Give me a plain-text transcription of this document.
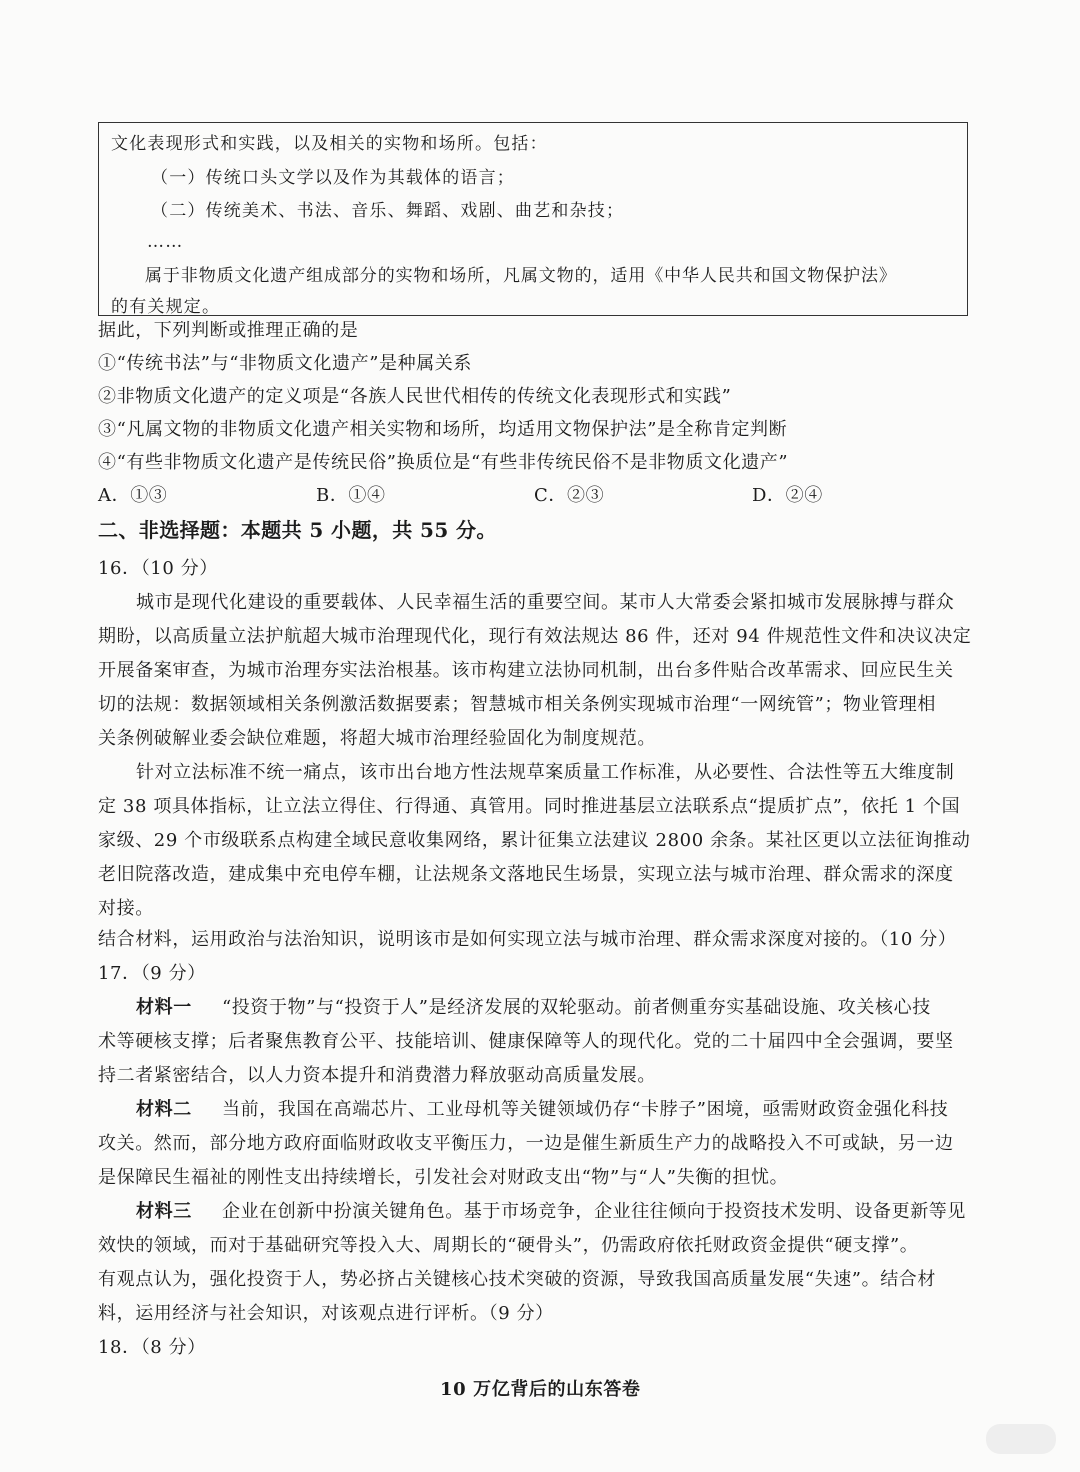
文化表现形式和实践，以及相关的实物和场所。包括：
（一）传统口头文学以及作为其载体的语言；
（二）传统美术、书法、音乐、舞蹈、戏剧、曲艺和杂技；
……
属于非物质文化遗产组成部分的实物和场所，凡属文物的，适用《中华人民共和国文物保护法》
的有关规定。
据此，下列判断或推理正确的是
①“传统书法”与“非物质文化遗产”是种属关系
②非物质文化遗产的定义项是“各族人民世代相传的传统文化表现形式和实践”
③“凡属文物的非物质文化遗产相关实物和场所，均适用文物保护法”是全称肯定判断
④“有些非物质文化遗产是传统民俗”换质位是“有些非传统民俗不是非物质文化遗产”
A．①③	B．①④	C．②③	D．②④
二、非选择题：本题共 5 小题，共 55 分。
16．（10 分）
城市是现代化建设的重要载体、人民幸福生活的重要空间。某市人大常委会紧扣城市发展脉搏与群众
期盼，以高质量立法护航超大城市治理现代化，现行有效法规达 86 件，还对 94 件规范性文件和决议决定
开展备案审查，为城市治理夯实法治根基。该市构建立法协同机制，出台多件贴合改革需求、回应民生关
切的法规：数据领域相关条例激活数据要素；智慧城市相关条例实现城市治理“一网统管”；物业管理相
关条例破解业委会缺位难题，将超大城市治理经验固化为制度规范。
针对立法标准不统一痛点，该市出台地方性法规草案质量工作标准，从必要性、合法性等五大维度制
定 38 项具体指标，让立法立得住、行得通、真管用。同时推进基层立法联系点“提质扩点”，依托 1 个国
家级、29 个市级联系点构建全域民意收集网络，累计征集立法建议 2800 余条。某社区更以立法征询推动
老旧院落改造，建成集中充电停车棚，让法规条文落地民生场景，实现立法与城市治理、群众需求的深度
对接。
结合材料，运用政治与法治知识，说明该市是如何实现立法与城市治理、群众需求深度对接的。（10 分）
17．（9 分）
材料一 “投资于物”与“投资于人”是经济发展的双轮驱动。前者侧重夯实基础设施、攻关核心技
术等硬核支撑；后者聚焦教育公平、技能培训、健康保障等人的现代化。党的二十届四中全会强调，要坚
持二者紧密结合，以人力资本提升和消费潜力释放驱动高质量发展。
材料二 当前，我国在高端芯片、工业母机等关键领域仍存“卡脖子”困境，亟需财政资金强化科技
攻关。然而，部分地方政府面临财政收支平衡压力，一边是催生新质生产力的战略投入不可或缺，另一边
是保障民生福祉的刚性支出持续增长，引发社会对财政支出“物”与“人”失衡的担忧。
材料三 企业在创新中扮演关键角色。基于市场竞争，企业往往倾向于投资技术发明、设备更新等见
效快的领域，而对于基础研究等投入大、周期长的“硬骨头”，仍需政府依托财政资金提供“硬支撑”。
有观点认为，强化投资于人，势必挤占关键核心技术突破的资源，导致我国高质量发展“失速”。结合材
料，运用经济与社会知识，对该观点进行评析。（9 分）
18．（8 分）
10 万亿背后的山东答卷
